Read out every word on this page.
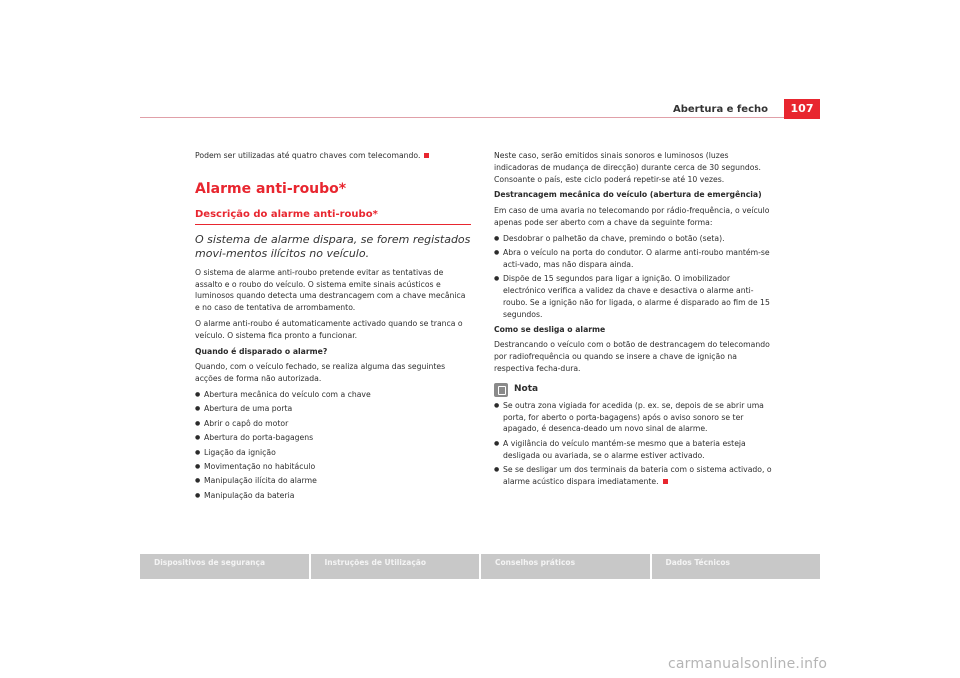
Abertura e fecho	107

Podem ser utilizadas até quatro chaves com telecomando.

Alarme anti-roubo*
Descrição do alarme anti-roubo*
O sistema de alarme dispara, se forem registados movi-mentos ilícitos no veículo.

O sistema de alarme anti-roubo pretende evitar as tentativas de assalto e o roubo do veículo. O sistema emite sinais acústicos e luminosos quando detecta uma destrancagem com a chave mecânica e no caso de tentativa de arrombamento.

O alarme anti-roubo é automaticamente activado quando se tranca o veículo. O sistema fica pronto a funcionar.

Quando é disparado o alarme?

Quando, com o veículo fechado, se realiza alguma das seguintes acções de forma não autorizada.

● Abertura mecânica do veículo com a chave
● Abertura de uma porta
● Abrir o capô do motor
● Abertura do porta-bagagens
● Ligação da ignição
● Movimentação no habitáculo
● Manipulação ilícita do alarme
● Manipulação da bateria

Neste caso, serão emitidos sinais sonoros e luminosos (luzes indicadoras de mudança de direcção) durante cerca de 30 segundos. Consoante o país, este ciclo poderá repetir-se até 10 vezes.

Destrancagem mecânica do veículo (abertura de emergência)

Em caso de uma avaria no telecomando por rádio-frequência, o veículo apenas pode ser aberto com a chave da seguinte forma:

● Desdobrar o palhetão da chave, premindo o botão (seta).
● Abra o veículo na porta do condutor. O alarme anti-roubo mantém-se acti-vado, mas não dispara ainda.
● Dispõe de 15 segundos para ligar a ignição. O imobilizador electrónico verifica a validez da chave e desactiva o alarme anti-roubo. Se a ignição não for ligada, o alarme é disparado ao fim de 15 segundos.

Como se desliga o alarme

Destrancando o veículo com o botão de destrancagem do telecomando por radiofrequência ou quando se insere a chave de ignição na respectiva fecha-dura.

Nota
● Se outra zona vigiada for acedida (p. ex. se, depois de se abrir uma porta, for aberto o porta-bagagens) após o aviso sonoro se ter apagado, é desenca-deado um novo sinal de alarme.
● A vigilância do veículo mantém-se mesmo que a bateria esteja desligada ou avariada, se o alarme estiver activado.
● Se se desligar um dos terminais da bateria com o sistema activado, o alarme acústico dispara imediatamente.
Dispositivos de segurança	Instruções de Utilização	Conselhos práticos	Dados Técnicos
carmanualsonline.info
